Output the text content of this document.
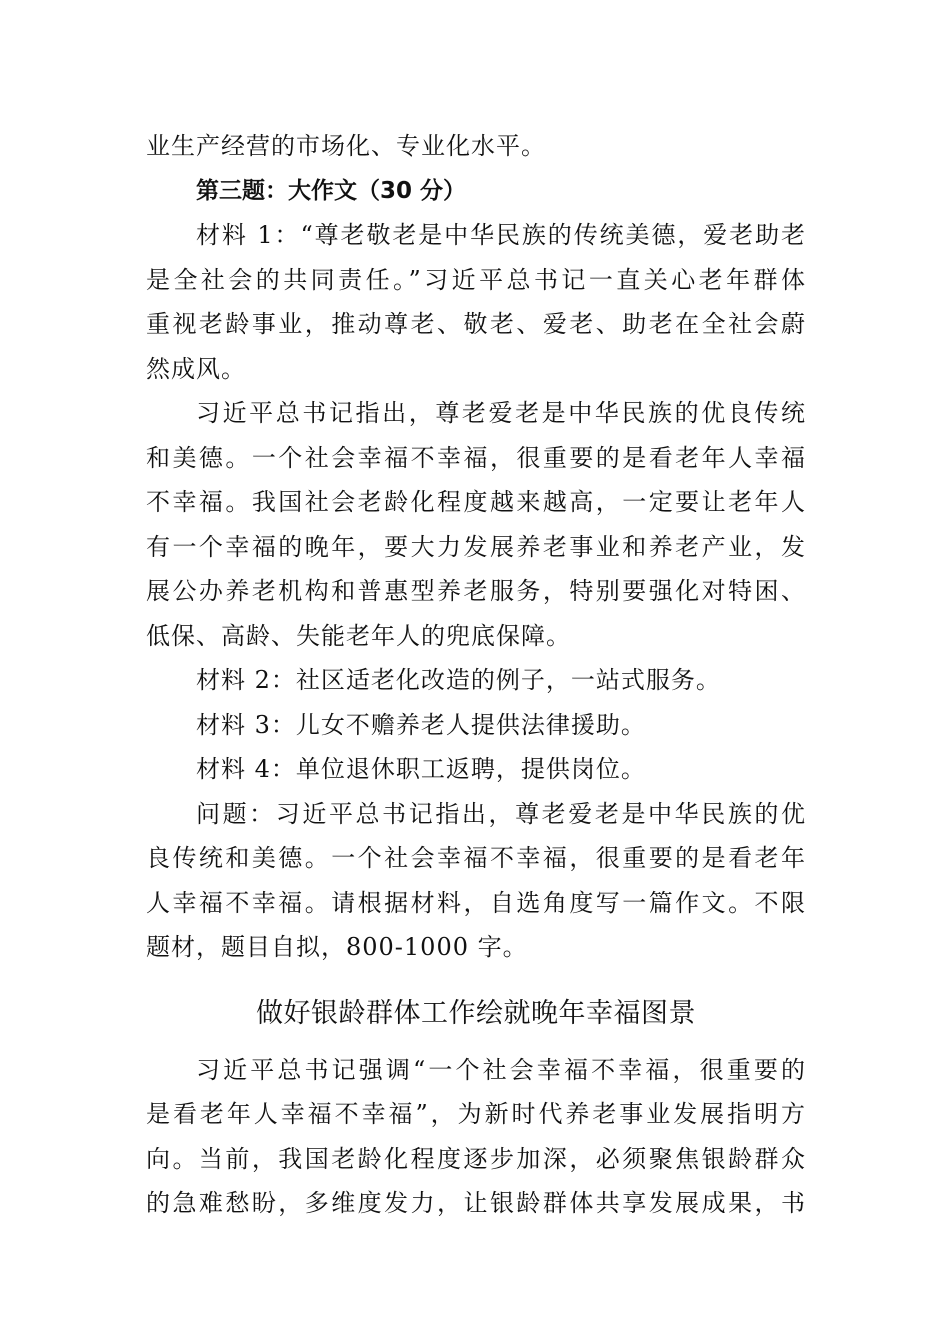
业生产经营的市场化、专业化水平。
第三题：大作文（30 分）
材料 1：“尊老敬老是中华民族的传统美德，爱老助老
是全社会的共同责任。”习近平总书记一直关心老年群体
重视老龄事业，推动尊老、敬老、爱老、助老在全社会蔚
然成风。
习近平总书记指出，尊老爱老是中华民族的优良传统
和美德。一个社会幸福不幸福，很重要的是看老年人幸福
不幸福。我国社会老龄化程度越来越高，一定要让老年人
有一个幸福的晚年，要大力发展养老事业和养老产业，发
展公办养老机构和普惠型养老服务，特别要强化对特困、
低保、高龄、失能老年人的兜底保障。
材料 2：社区适老化改造的例子，一站式服务。
材料 3：儿女不赡养老人提供法律援助。
材料 4：单位退休职工返聘，提供岗位。
问题：习近平总书记指出，尊老爱老是中华民族的优
良传统和美德。一个社会幸福不幸福，很重要的是看老年
人幸福不幸福。请根据材料，自选角度写一篇作文。不限
题材，题目自拟，800-1000 字。
做好银龄群体工作绘就晚年幸福图景
习近平总书记强调“一个社会幸福不幸福，很重要的
是看老年人幸福不幸福”，为新时代养老事业发展指明方
向。当前，我国老龄化程度逐步加深，必须聚焦银龄群众
的急难愁盼，多维度发力，让银龄群体共享发展成果，书
